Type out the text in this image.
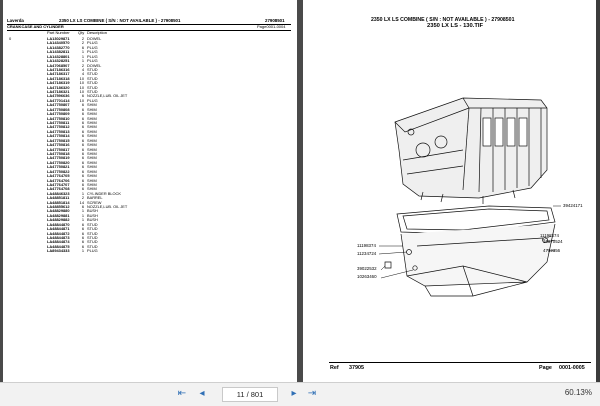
Laverda	2350 LX LS COMBINE ( S/N : NOT AVAILABLE ) - 27908501	27908501
CRANKCASE AND CYLINDER	Page0001-0004
Part Number Qty Description
0	LA13029871	2 DOWEL
LA14340570	2 PLUG
LA14382770	6 PLUG
LA14382811	1 PLUG
LA14328801	1 PLUG
LA14328251	1 PLUG
LA47068507	2 DOWEL
LA47186316	4 STUD
LA47186317	4 STUD
LA47186318	10 STUD
LA47186319	10 STUD
LA47186320	10 STUD
LA47186321	10 STUD
LA47596636	6 NOZZLE,LUB. OIL JET
LA47701414	10 PLUG
LA47750807	6 SHIM
LA47750808	6 SHIM
LA47750809	6 SHIM
LA47750810	6 SHIM
LA47750811	6 SHIM
LA47750812	6 SHIM
LA47750813	6 SHIM
LA47750814	6 SHIM
LA47750815	6 SHIM
LA47750816	6 SHIM
LA47750817	6 SHIM
LA47750818	6 SHIM
LA47750819	6 SHIM
LA47750820	6 SHIM
LA47750821	6 SHIM
LA47750822	6 SHIM
LA47764705	6 SHIM
LA47764706	6 SHIM
LA47764707	6 SHIM
LA47764708	6 SHIM
LA48846323	1 CYLINDER BLOCK
LA48851811	2 BARREL
LA48851814	14 SCREW
LA48855612	6 NOZZLE,LUB. OIL JET
LA48829880	1 BUSH
LA48829881	1 BUSH
LA48829882	1 BUSH
LA48844870	6 STUD
LA48844871	6 STUD
LA48844872	6 STUD
LA48844873	6 STUD
LA48844874	6 STUD
LA48844875	6 STUD
LA89434333	1 PLUG
2350 LX LS COMBINE ( S/N : NOT AVAILABLE ) - 27908501
2350 LX LS - 130.TIF
39424171
11198374
11234724
11198374
10870524
4732356
39022532
10263460
Ref 37905	Page 0001-0005
⇤	◂	11 / 801	▸	⇥	60.13%
